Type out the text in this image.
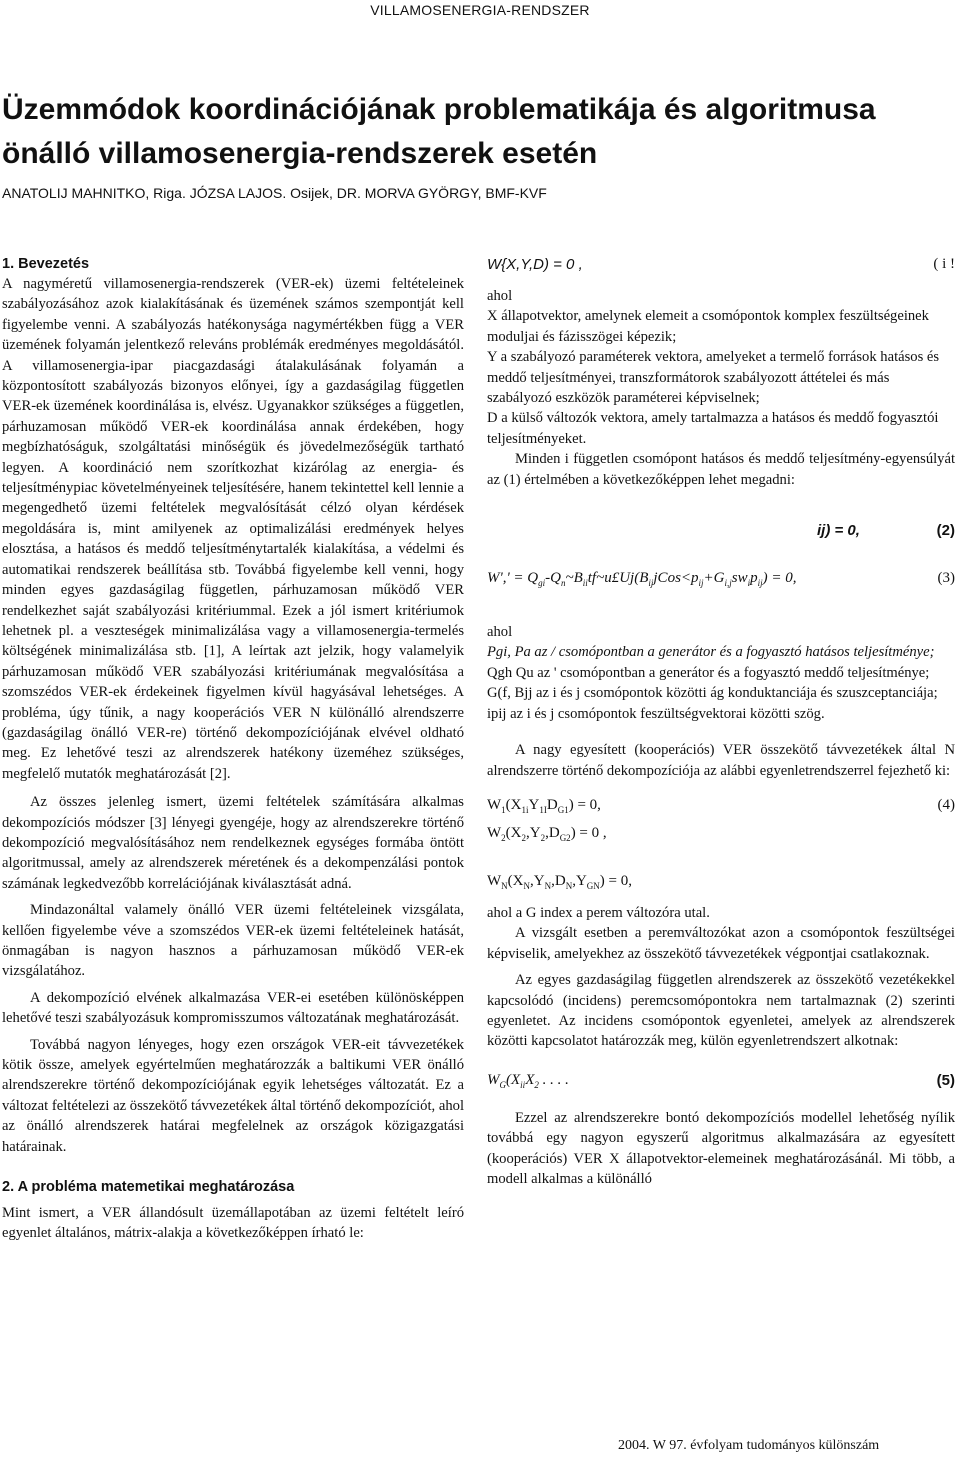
VILLAMOSENERGIA-RENDSZER
Üzemmódok koordinációjának problematikája és algoritmusa önálló villamosenergia-rendszerek esetén
ANATOLIJ MAHNITKO, Riga. JÓZSA LAJOS. Osijek, DR. MORVA GYÖRGY, BMF-KVF
1. Bevezetés

A nagyméretű villamosenergia-rendszerek (VER-ek) üzemi feltételeinek szabályozásához azok kialakításának és üzemének számos szempontját kell figyelembe venni. A szabályozás hatékonysága nagymértékben függ a VER üzemének folyamán jelentkező releváns problémák eredményes megoldásától. A villamosenergia-ipar piacgazdasági átalakulásának folyamán a központosított szabályozás bizonyos előnyei, így a gazdaságilag független VER-ek üzemének koordinálása is, elvész. Ugyanakkor szükséges a független, párhuzamosan működő VER-ek koordinálása annak érdekében, hogy megbízhatóságuk, szolgáltatási minőségük és jövedelmezőségük tartható legyen. A koordináció nem szorítkozhat kizárólag az energia- és teljesítménypiac követelményeinek teljesítésére, hanem tekintettel kell lennie a megengedhető üzemi feltételek megvalósítását célzó olyan kérdések megoldására is, mint amilyenek az optimalizálási eredmények helyes elosztása, a hatásos és meddő teljesítménytartalék kialakítása, a védelmi és automatikai rendszerek beállítása stb. Továbbá figyelembe kell venni, hogy minden egyes gazdaságilag független, párhuzamosan működő VER rendelkezhet saját szabályozási kritériummal. Ezek a jól ismert kritériumok lehetnek pl. a veszteségek minimalizálása vagy a villamosenergia-termelés költségének minimalizálása stb. [1], A leírtak azt jelzik, hogy valamelyik párhuzamosan működő VER szabályozási kritériumának megvalósítása a szomszédos VER-ek érdekeinek figyelmen kívül hagyásával lehetséges. A probléma, úgy tűnik, a nagy kooperációs VER N különálló alrendszerre (gazdaságilag önálló VER-re) történő dekompozíciójának elvével oldható meg. Ez lehetővé teszi az alrendszerek hatékony üzeméhez szükséges, megfelelő mutatók meghatározását [2].

Az összes jelenleg ismert, üzemi feltételek számítására alkalmas dekompozíciós módszer [3] lényegi gyengéje, hogy az alrendszerekre történő dekompozíció megvalósításához nem rendelkeznek egységes formába öntött algoritmussal, amely az alrendszerek méretének és a dekompenzálási pontok számának legkedvezőbb korrelációjának kiválasztását adná.

Mindazonáltal valamely önálló VER üzemi feltételeinek vizsgálata, kellően figyelembe véve a szomszédos VER-ek üzemi feltételeinek hatását, önmagában is nagyon hasznos a párhuzamosan működő VER-ek vizsgálatához.

A dekompozíció elvének alkalmazása VER-ei esetében különösképpen lehetővé teszi szabályozásuk kompromisszumos változatának meghatározását.

Továbbá nagyon lényeges, hogy ezen országok VER-eit távvezetékek kötik össze, amelyek egyértelműen meghatározzák a baltikumi VER önálló alrendszerekre történő dekompozíciójának egyik lehetséges változatát. Ez a változat feltételezi az összekötő távvezetékek által történő dekompozíciót, ahol az önálló alrendszerek határai megfelelnek az országok közigazgatási határainak.

2. A probléma matemetikai meghatározása

Mint ismert, a VER állandósult üzemállapotában az üzemi feltételt leíró egyenlet általános, mátrix-alakja a következőképpen írható le:

W{X,Y,D) = 0 ,	( i !

ahol

X állapotvektor, amelynek elemeit a csomópontok komplex feszültségeinek moduljai és fázisszögei képezik;

Y a szabályozó paraméterek vektora, amelyeket a termelő források hatásos és meddő teljesítményei, transzformátorok szabályozott áttételei és más szabályozó eszközök paraméterei képviselnek;

D a külső változók vektora, amely tartalmazza a hatásos és meddő fogyasztói teljesítményeket.

Minden i független csomópont hatásos és meddő teljesítmény-egyensúlyát az (1) értelmében a következőképpen lehet megadni:

ij) = 0,	(2)
$W',' = Q_{gi}-Q_n\sim B_{ii}tf\sim u£Uj(B_{ij}jCos<p_{ij}+G_{i,j}sw_ip_{ij}) = 0$,	(3)

ahol

Pgi, Pa az / csomópontban a generátor és a fogyasztó hatásos teljesítménye;

Qgh Qu az ' csomópontban a generátor és a fogyasztó meddő teljesítménye;

G(f, Bjj az i és j csomópontok közötti ág konduktanciája és szuszceptanciája;

ipij az i és j csomópontok feszültségvektorai közötti szög.

A nagy egyesített (kooperációs) VER összekötő távvezetékek által N alrendszerre történő dekompozíciója az alábbi egyenletrendszerrel fejezhető ki:

$W_1(X_{1i}Y_{1I}D_{G1}) = 0$,	(4)
$W_2(X_2,Y_2,D_{G2}) = 0$ ,
$W_N(X_N,Y_N,D_N,Y_{GN}) = 0$,

ahol a G index a perem változóra utal.

A vizsgált esetben a peremváltozókat azon a csomópontok feszültségei képviselik, amelyekhez az összekötő távvezetékek végpontjai csatlakoznak.

Az egyes gazdaságilag független alrendszerek az összekötő vezetékekkel kapcsolódó (incidens) peremcsomópontokra nem tartalmaznak (2) szerinti egyenletet. Az incidens csomópontok egyenletei, amelyek az alrendszerek közötti kapcsolatot határozzák meg, külön egyenletrendszert alkotnak:

$W_G(X_{ii}X_2$ . . . .	(5)

Ezzel az alrendszerekre bontó dekompozíciós modellel lehetőség nyílik továbbá egy nagyon egyszerű algoritmus alkalmazására az egyesített (kooperációs) VER X állapotvektor-elemeinek meghatározásánál. Mi több, a modell alkalmas a különálló

2004. W 97. évfolyam tudományos különszám
